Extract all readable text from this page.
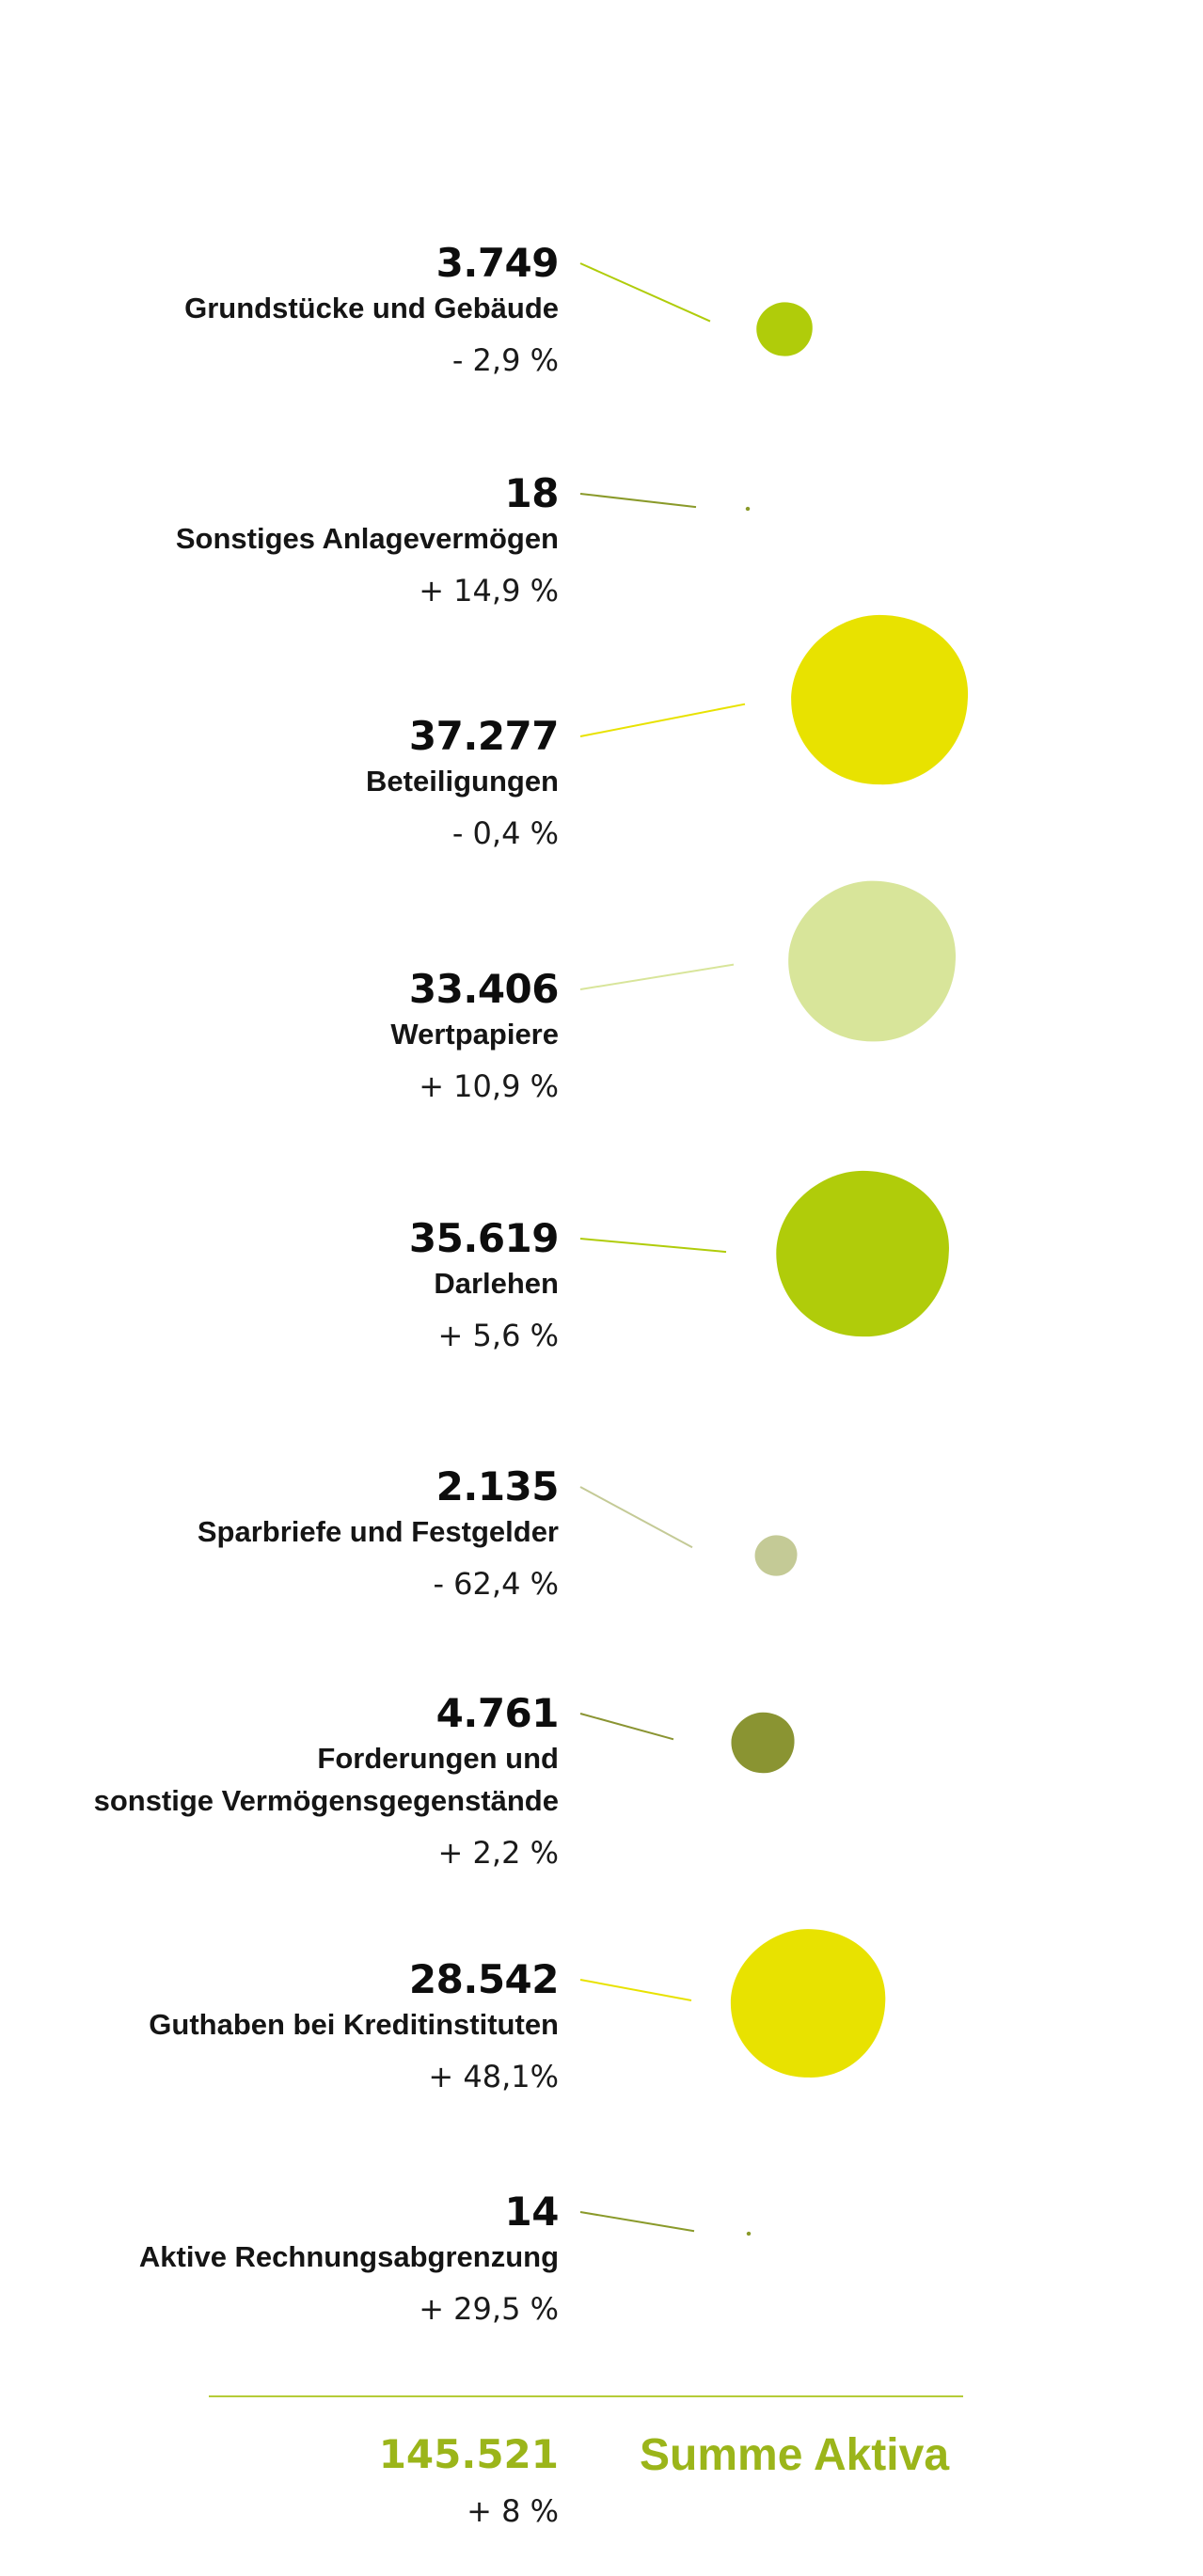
3.749
Grundstücke und Gebäude
- 2,9 %
18
Sonstiges Anlagevermögen
+ 14,9 %
37.277
Beteiligungen
- 0,4 %
33.406
Wertpapiere
+ 10,9 %
35.619
Darlehen
+ 5,6 %
2.135
Sparbriefe und Festgelder
- 62,4 %
4.761
Forderungen und
sonstige Vermögensgegenstände
+ 2,2 %
28.542
Guthaben bei Kreditinstituten
+ 48,1%
14
Aktive Rechnungsabgrenzung
+ 29,5 %
145.521
+ 8 %
Summe Aktiva
